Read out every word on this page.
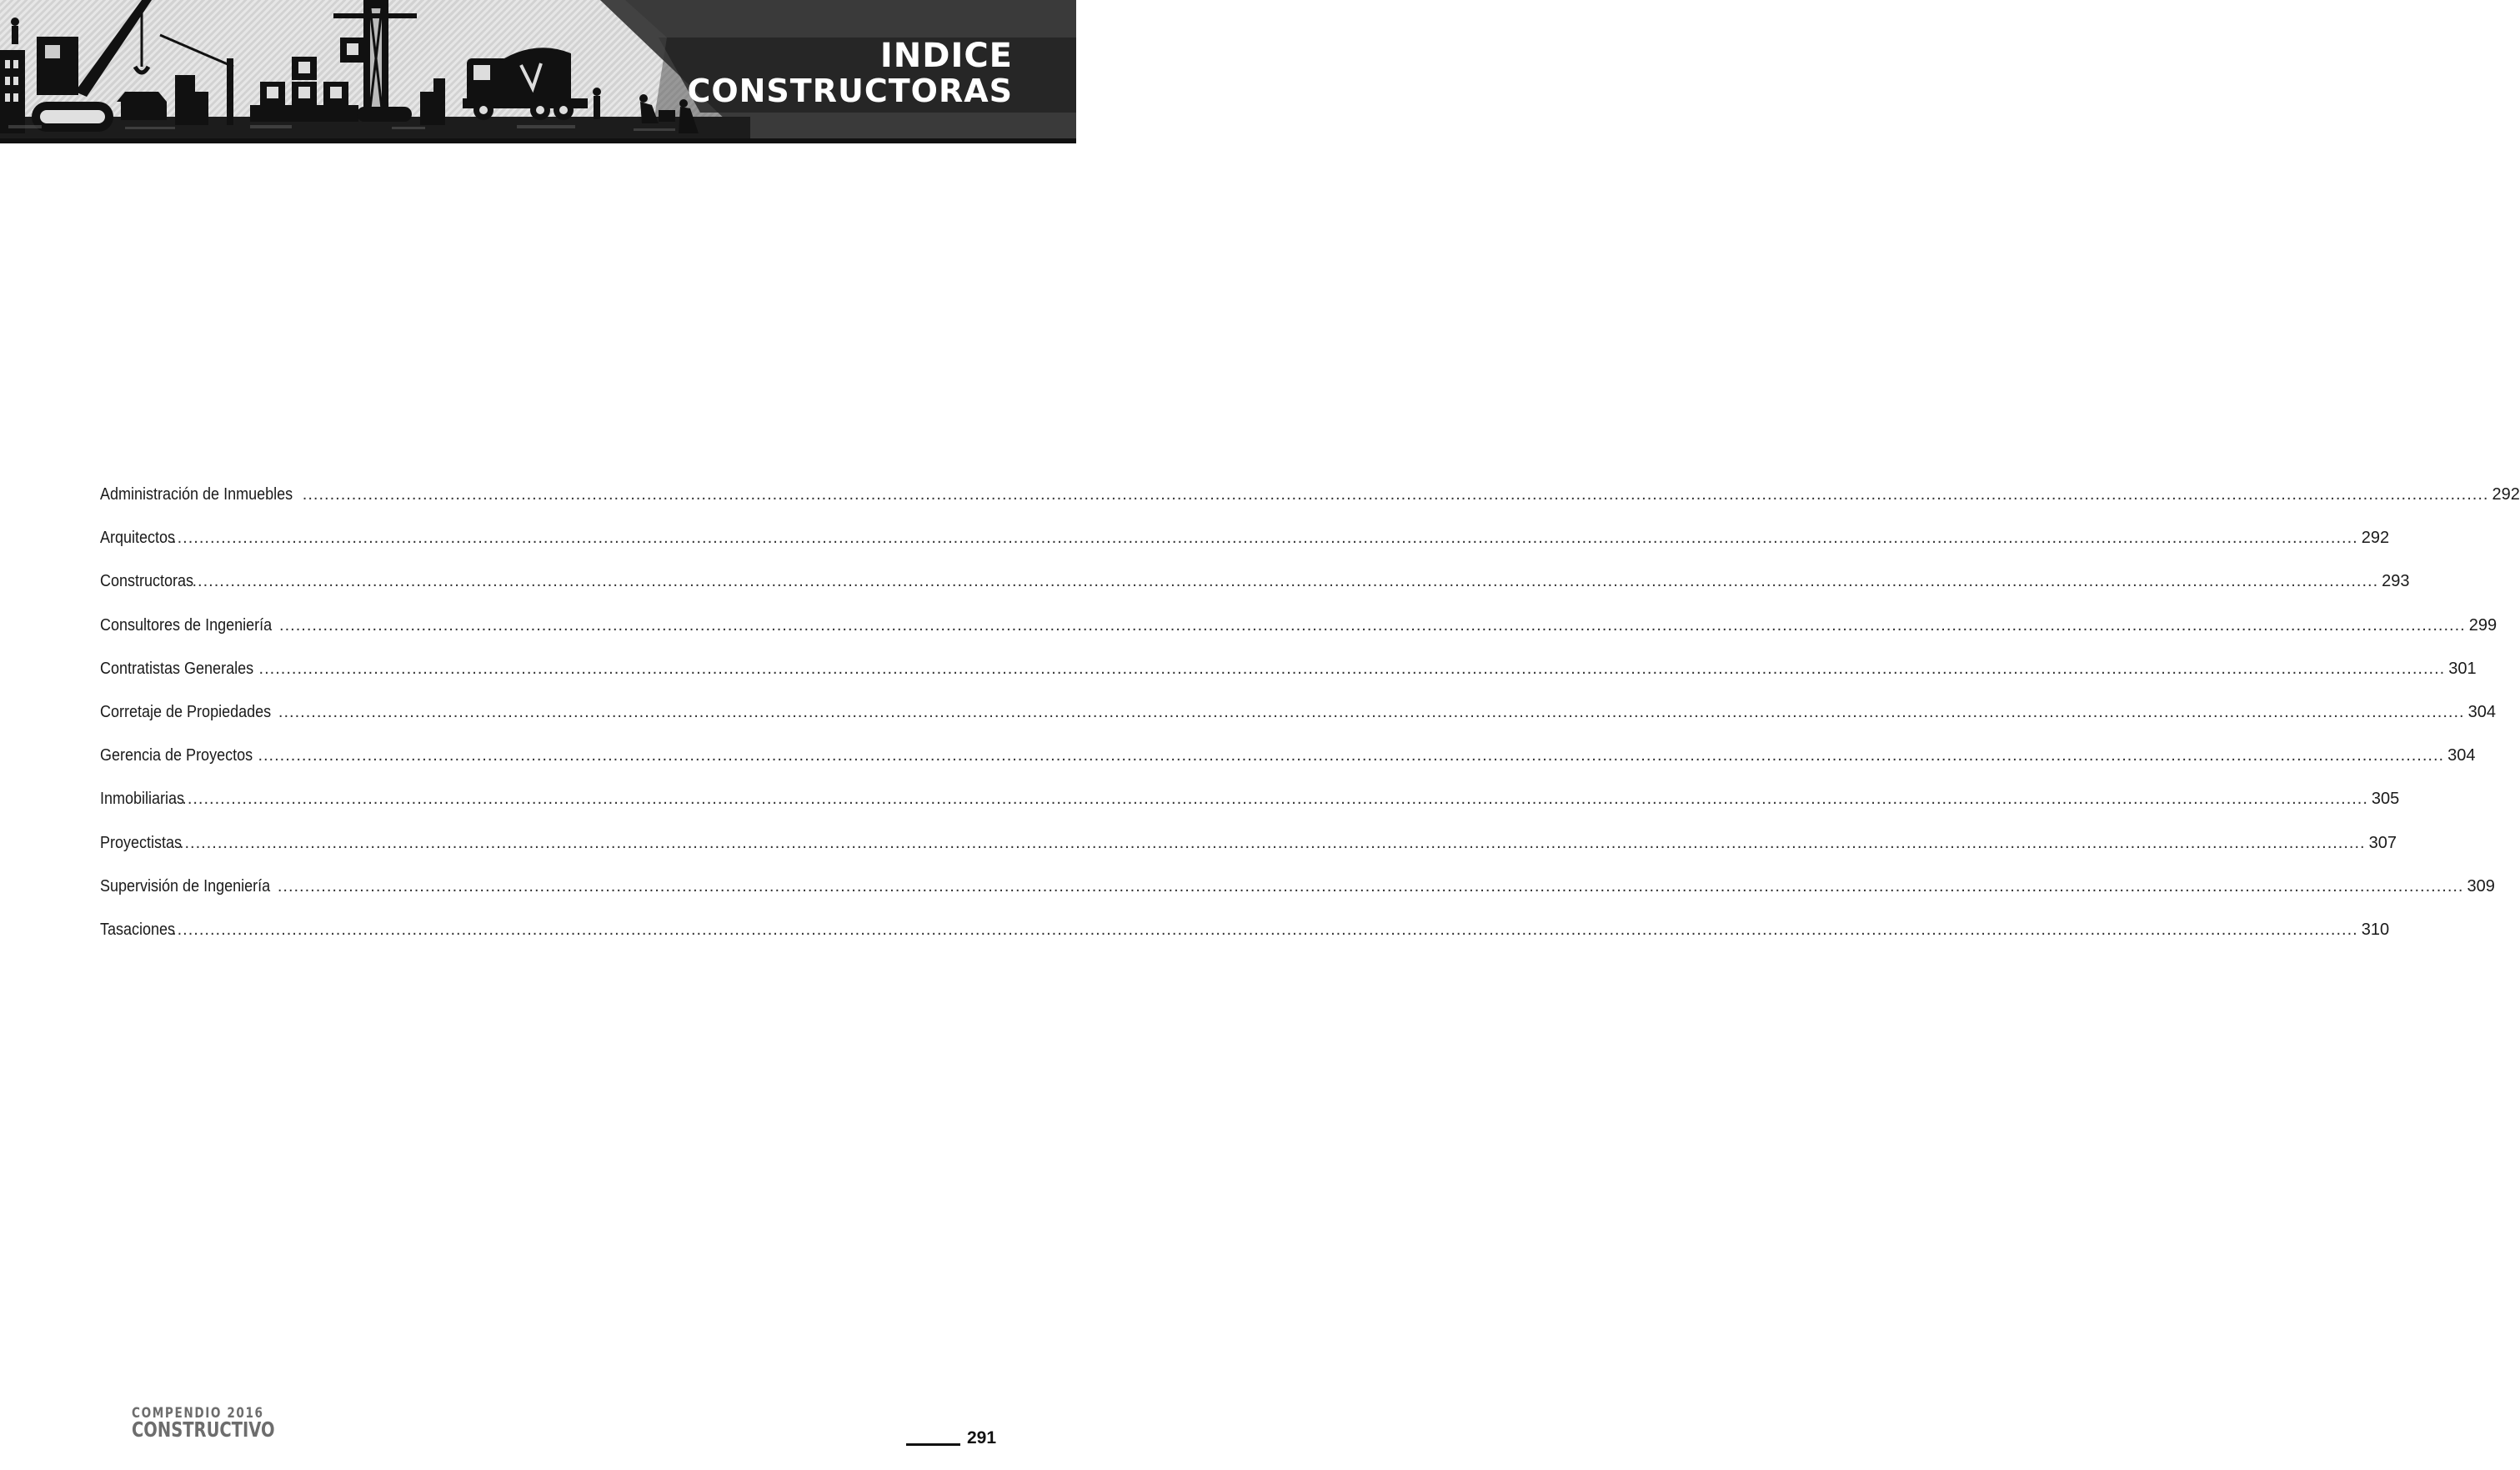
INDICE
CONSTRUCTORAS
Administración de Inmuebles ................................................................................................................................................................................................................................................................................................................................................................................................................ 292
Arquitectos
................................................................................................................................................................................................................................................................................................................................................................................................................ 292
Constructoras
................................................................................................................................................................................................................................................................................................................................................................................................................ 293
Consultores de Ingeniería ................................................................................................................................................................................................................................................................................................................................................................................................................ 299
Contratistas Generales ................................................................................................................................................................................................................................................................................................................................................................................................................ 301
Corretaje de Propiedades ................................................................................................................................................................................................................................................................................................................................................................................................................ 304
Gerencia de Proyectos ................................................................................................................................................................................................................................................................................................................................................................................................................ 304
Inmobiliarias
................................................................................................................................................................................................................................................................................................................................................................................................................ 305
Proyectistas
................................................................................................................................................................................................................................................................................................................................................................................................................ 307
Supervisión de Ingeniería ................................................................................................................................................................................................................................................................................................................................................................................................................ 309
Tasaciones
................................................................................................................................................................................................................................................................................................................................................................................................................ 310
COMPENDIO 2016
CONSTRUCTIVO	291
